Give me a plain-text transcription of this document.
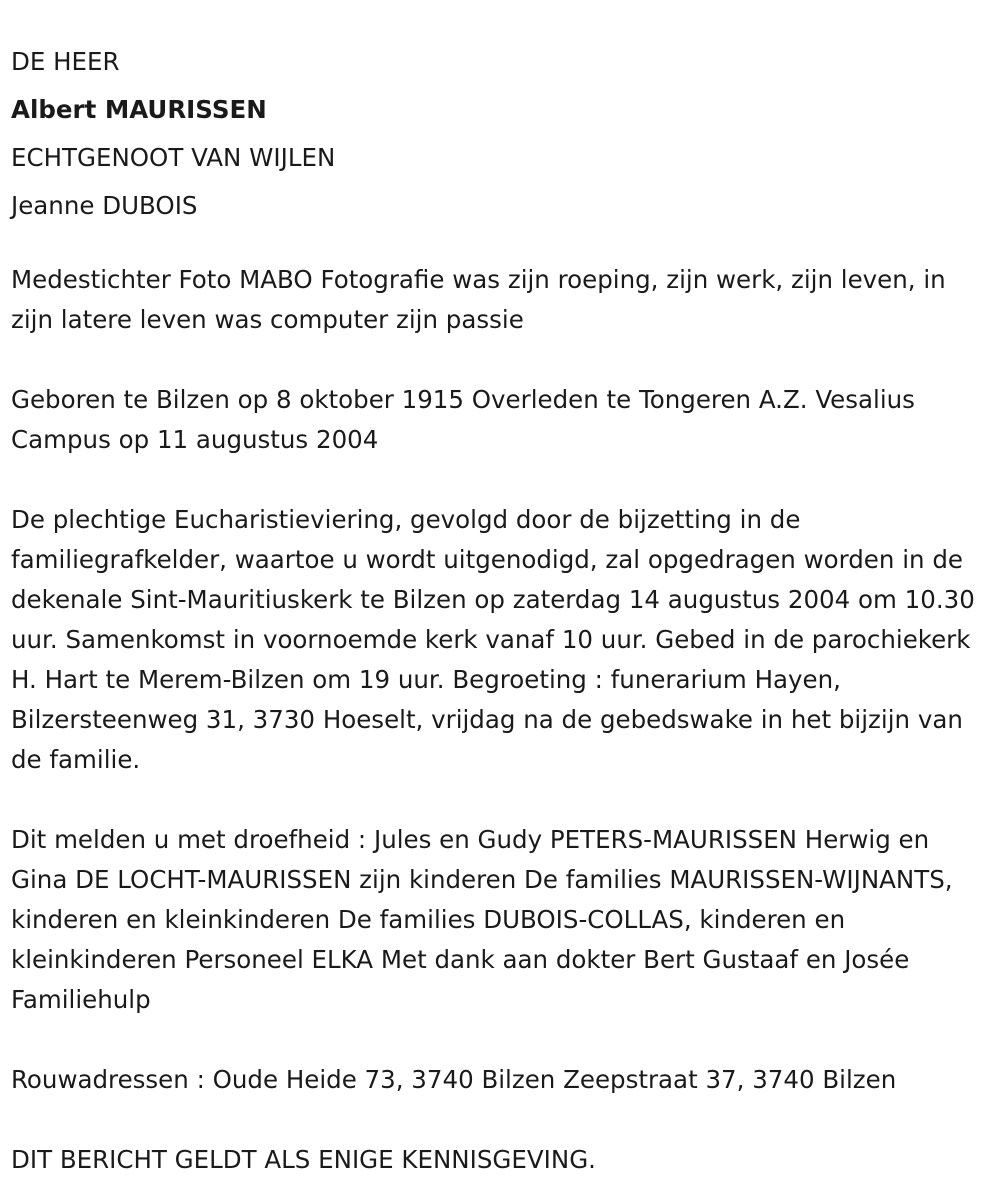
DE HEER
Albert MAURISSEN
ECHTGENOOT VAN WIJLEN
Jeanne DUBOIS

Medestichter Foto MABO Fotografie was zijn roeping, zijn werk, zijn leven, in zijn latere leven was computer zijn passie

Geboren te Bilzen op 8 oktober 1915 Overleden te Tongeren A.Z. Vesalius Campus op 11 augustus 2004

De plechtige Eucharistieviering, gevolgd door de bijzetting in de familiegrafkelder, waartoe u wordt uitgenodigd, zal opgedragen worden in de dekenale Sint-Mauritiuskerk te Bilzen op zaterdag 14 augustus 2004 om 10.30 uur. Samenkomst in voornoemde kerk vanaf 10 uur. Gebed in de parochiekerk H. Hart te Merem-Bilzen om 19 uur. Begroeting : funerarium Hayen, Bilzersteenweg 31, 3730 Hoeselt, vrijdag na de gebedswake in het bijzijn van de familie.

Dit melden u met droefheid : Jules en Gudy PETERS-MAURISSEN Herwig en Gina DE LOCHT-MAURISSEN zijn kinderen De families MAURISSEN-WIJNANTS, kinderen en kleinkinderen De families DUBOIS-COLLAS, kinderen en kleinkinderen Personeel ELKA Met dank aan dokter Bert Gustaaf en Josée Familiehulp

Rouwadressen : Oude Heide 73, 3740 Bilzen Zeepstraat 37, 3740 Bilzen

DIT BERICHT GELDT ALS ENIGE KENNISGEVING.
